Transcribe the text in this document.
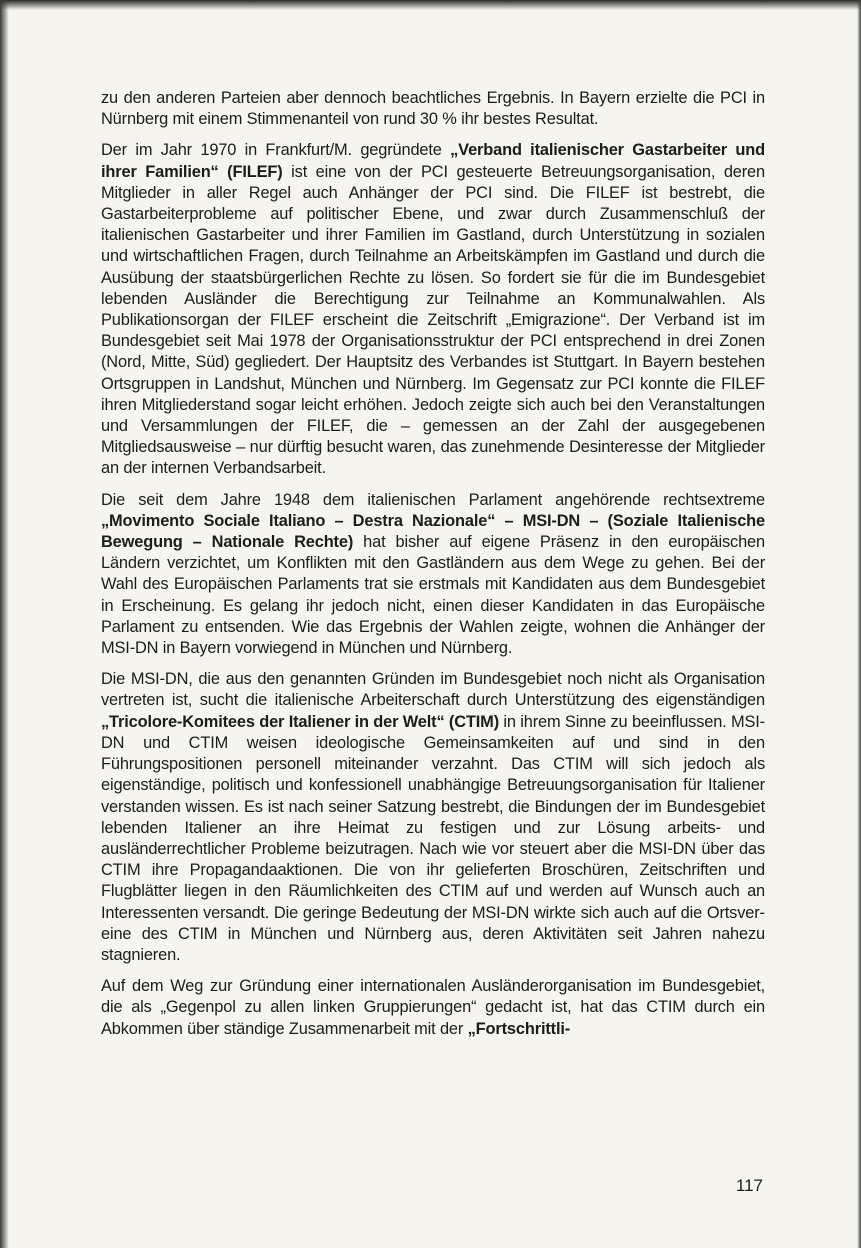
zu den anderen Parteien aber dennoch beachtliches Ergebnis. In Bayern erzielte die PCI in Nürnberg mit einem Stimmenanteil von rund 30 % ihr bestes Resultat.

Der im Jahr 1970 in Frankfurt/M. gegründete „Verband italienischer Gastarbeiter und ihrer Familien“ (FILEF) ist eine von der PCI gesteuerte Betreuungsorganisation, deren Mitglieder in aller Regel auch Anhänger der PCI sind. Die FILEF ist bestrebt, die Gastarbeiterprobleme auf politischer Ebene, und zwar durch Zusammenschluß der italienischen Gastarbeiter und ihrer Familien im Gastland, durch Unterstützung in sozialen und wirtschaftlichen Fragen, durch Teilnahme an Arbeitskämpfen im Gastland und durch die Ausübung der staatsbürgerlichen Rechte zu lösen. So fordert sie für die im Bundesgebiet lebenden Ausländer die Berechtigung zur Teilnahme an Kommunalwahlen. Als Publikationsorgan der FILEF erscheint die Zeitschrift „Emigrazione“. Der Verband ist im Bundesgebiet seit Mai 1978 der Organisationsstruktur der PCI entsprechend in drei Zonen (Nord, Mitte, Süd) gegliedert. Der Hauptsitz des Verbandes ist Stuttgart. In Bayern bestehen Ortsgruppen in Landshut, München und Nürnberg. Im Gegensatz zur PCI konnte die FILEF ihren Mitgliederstand sogar leicht erhöhen. Jedoch zeigte sich auch bei den Veranstaltungen und Versammlungen der FILEF, die – gemessen an der Zahl der ausgegebenen Mitgliedsausweise – nur dürftig besucht waren, das zunehmende Desinteresse der Mitglieder an der internen Verbandsarbeit.

Die seit dem Jahre 1948 dem italienischen Parlament angehörende rechtsextreme „Movimento Sociale Italiano – Destra Nazionale“ – MSI-DN – (Soziale Italienische Bewegung – Nationale Rechte) hat bisher auf eigene Präsenz in den europäischen Ländern verzichtet, um Konflikten mit den Gastländern aus dem Wege zu gehen. Bei der Wahl des Europäischen Parlaments trat sie erstmals mit Kandidaten aus dem Bundesgebiet in Erscheinung. Es gelang ihr jedoch nicht, einen dieser Kandidaten in das Europäische Parlament zu entsenden. Wie das Ergebnis der Wahlen zeigte, wohnen die Anhänger der MSI-DN in Bayern vorwiegend in München und Nürnberg.

Die MSI-DN, die aus den genannten Gründen im Bundesgebiet noch nicht als Organisation vertreten ist, sucht die italienische Arbeiterschaft durch Unterstützung des eigenständigen „Tricolore-Komitees der Italiener in der Welt“ (CTIM) in ihrem Sinne zu beeinflussen. MSI-DN und CTIM weisen ideologische Gemeinsamkeiten auf und sind in den Führungspositionen personell miteinander verzahnt. Das CTIM will sich jedoch als eigenständige, politisch und konfessionell unabhängige Betreuungsorganisation für Italiener verstanden wissen. Es ist nach seiner Satzung bestrebt, die Bindungen der im Bundesgebiet lebenden Italiener an ihre Heimat zu festigen und zur Lösung arbeits- und ausländerrechtlicher Probleme beizutragen. Nach wie vor steuert aber die MSI-DN über das CTIM ihre Propagandaaktionen. Die von ihr gelieferten Broschüren, Zeitschriften und Flugblätter liegen in den Räumlichkeiten des CTIM auf und werden auf Wunsch auch an Interessenten versandt. Die geringe Bedeutung der MSI-DN wirkte sich auch auf die Ortsvereine des CTIM in München und Nürnberg aus, deren Aktivitäten seit Jahren nahezu stagnieren.

Auf dem Weg zur Gründung einer internationalen Ausländerorganisation im Bundesgebiet, die als „Gegenpol zu allen linken Gruppierungen“ gedacht ist, hat das CTIM durch ein Abkommen über ständige Zusammenarbeit mit der „Fortschrittli-

117
